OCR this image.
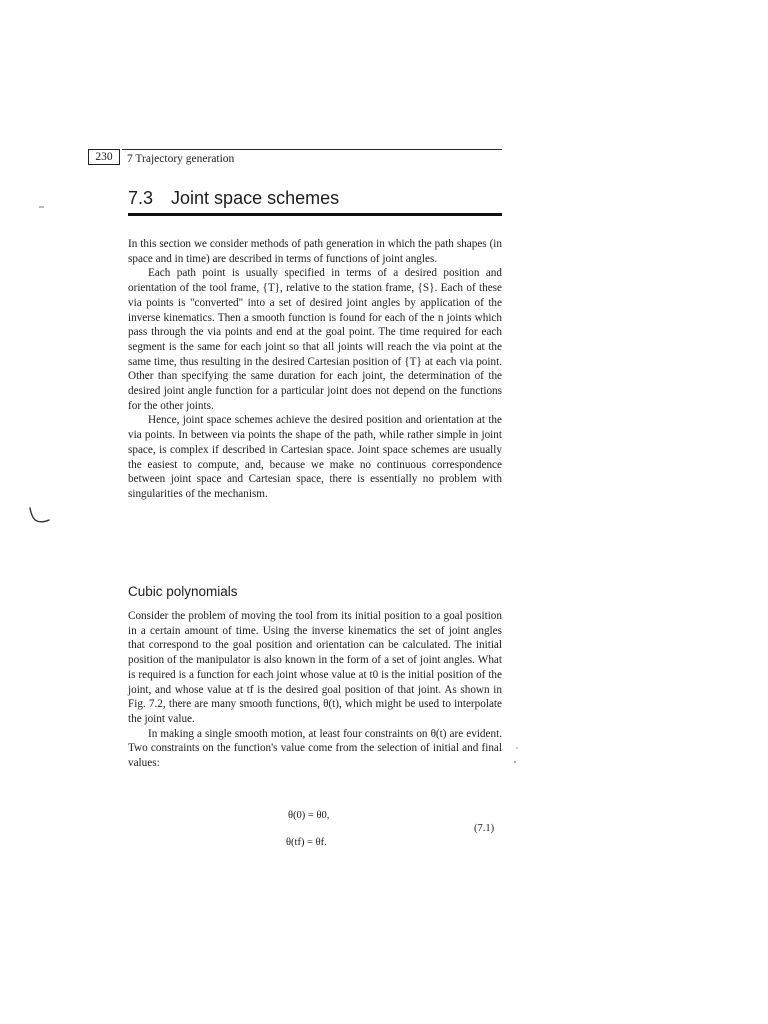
230	7 Trajectory generation
7.3 Joint space schemes

In this section we consider methods of path generation in which the path shapes (in space and in time) are described in terms of functions of joint angles.

Each path point is usually specified in terms of a desired position and orientation of the tool frame, {T}, relative to the station frame, {S}. Each of these via points is "converted" into a set of desired joint angles by application of the inverse kinematics. Then a smooth function is found for each of the n joints which pass through the via points and end at the goal point. The time required for each segment is the same for each joint so that all joints will reach the via point at the same time, thus resulting in the desired Cartesian position of {T} at each via point. Other than specifying the same duration for each joint, the determination of the desired joint angle function for a particular joint does not depend on the functions for the other joints.

Hence, joint space schemes achieve the desired position and orientation at the via points. In between via points the shape of the path, while rather simple in joint space, is complex if described in Cartesian space. Joint space schemes are usually the easiest to compute, and, because we make no continuous correspondence between joint space and Cartesian space, there is essentially no problem with singularities of the mechanism.

Cubic polynomials

Consider the problem of moving the tool from its initial position to a goal position in a certain amount of time. Using the inverse kinematics the set of joint angles that correspond to the goal position and orientation can be calculated. The initial position of the manipulator is also known in the form of a set of joint angles. What is required is a function for each joint whose value at t0 is the initial position of the joint, and whose value at tf is the desired goal position of that joint. As shown in Fig. 7.2, there are many smooth functions, θ(t), which might be used to interpolate the joint value.

In making a single smooth motion, at least four constraints on θ(t) are evident. Two constraints on the function's value come from the selection of initial and final values:

θ(0) = θ0,
θ(tf) = θf.
(7.1)
